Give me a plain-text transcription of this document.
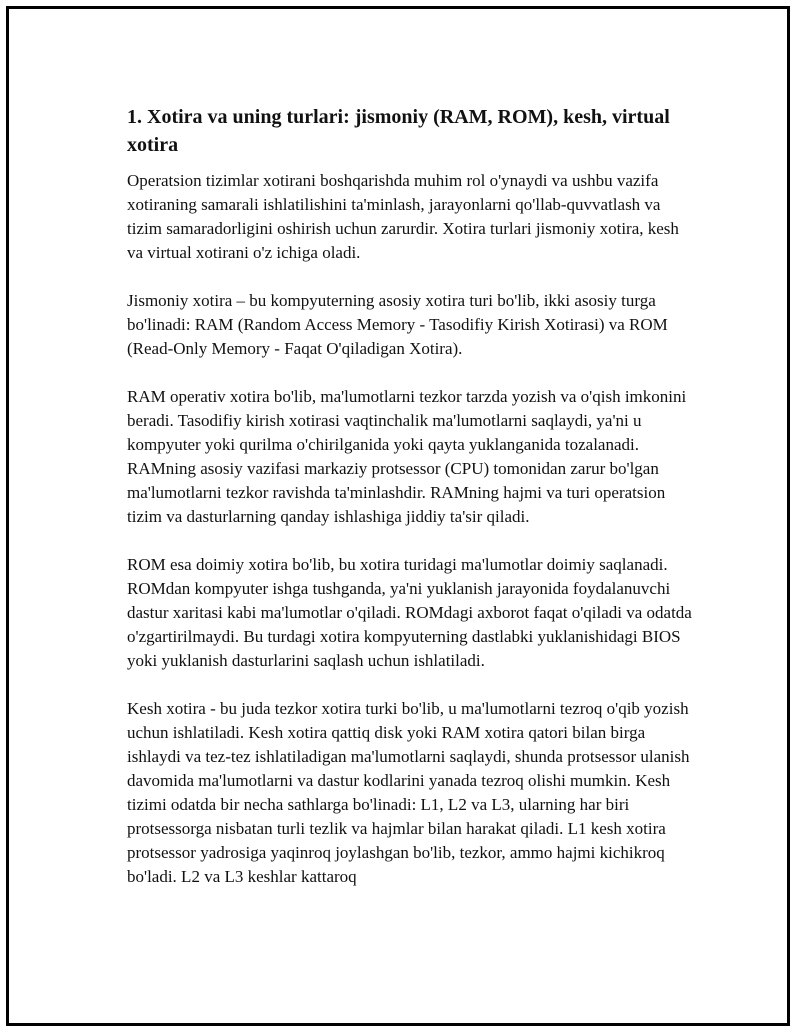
1. Xotira va uning turlari: jismoniy (RAM, ROM), kesh, virtual xotira

Operatsion tizimlar xotirani boshqarishda muhim rol o'ynaydi va ushbu vazifa xotiraning samarali ishlatilishini ta'minlash, jarayonlarni qo'llab-quvvatlash va tizim samaradorligini oshirish uchun zarurdir. Xotira turlari jismoniy xotira, kesh va virtual xotirani o'z ichiga oladi.

Jismoniy xotira – bu kompyuterning asosiy xotira turi bo'lib, ikki asosiy turga bo'linadi: RAM (Random Access Memory - Tasodifiy Kirish Xotirasi) va ROM (Read-Only Memory - Faqat O'qiladigan Xotira).

RAM operativ xotira bo'lib, ma'lumotlarni tezkor tarzda yozish va o'qish imkonini beradi. Tasodifiy kirish xotirasi vaqtinchalik ma'lumotlarni saqlaydi, ya'ni u kompyuter yoki qurilma o'chirilganida yoki qayta yuklanganida tozalanadi. RAMning asosiy vazifasi markaziy protsessor (CPU) tomonidan zarur bo'lgan ma'lumotlarni tezkor ravishda ta'minlashdir. RAMning hajmi va turi operatsion tizim va dasturlarning qanday ishlashiga jiddiy ta'sir qiladi.

ROM esa doimiy xotira bo'lib, bu xotira turidagi ma'lumotlar doimiy saqlanadi. ROMdan kompyuter ishga tushganda, ya'ni yuklanish jarayonida foydalanuvchi dastur xaritasi kabi ma'lumotlar o'qiladi. ROMdagi axborot faqat o'qiladi va odatda o'zgartirilmaydi. Bu turdagi xotira kompyuterning dastlabki yuklanishidagi BIOS yoki yuklanish dasturlarini saqlash uchun ishlatiladi.

Kesh xotira - bu juda tezkor xotira turki bo'lib, u ma'lumotlarni tezroq o'qib yozish uchun ishlatiladi. Kesh xotira qattiq disk yoki RAM xotira qatori bilan birga ishlaydi va tez-tez ishlatiladigan ma'lumotlarni saqlaydi, shunda protsessor ulanish davomida ma'lumotlarni va dastur kodlarini yanada tezroq olishi mumkin. Kesh tizimi odatda bir necha sathlarga bo'linadi: L1, L2 va L3, ularning har biri protsessorga nisbatan turli tezlik va hajmlar bilan harakat qiladi. L1 kesh xotira protsessor yadrosiga yaqinroq joylashgan bo'lib, tezkor, ammo hajmi kichikroq bo'ladi. L2 va L3 keshlar kattaroq
